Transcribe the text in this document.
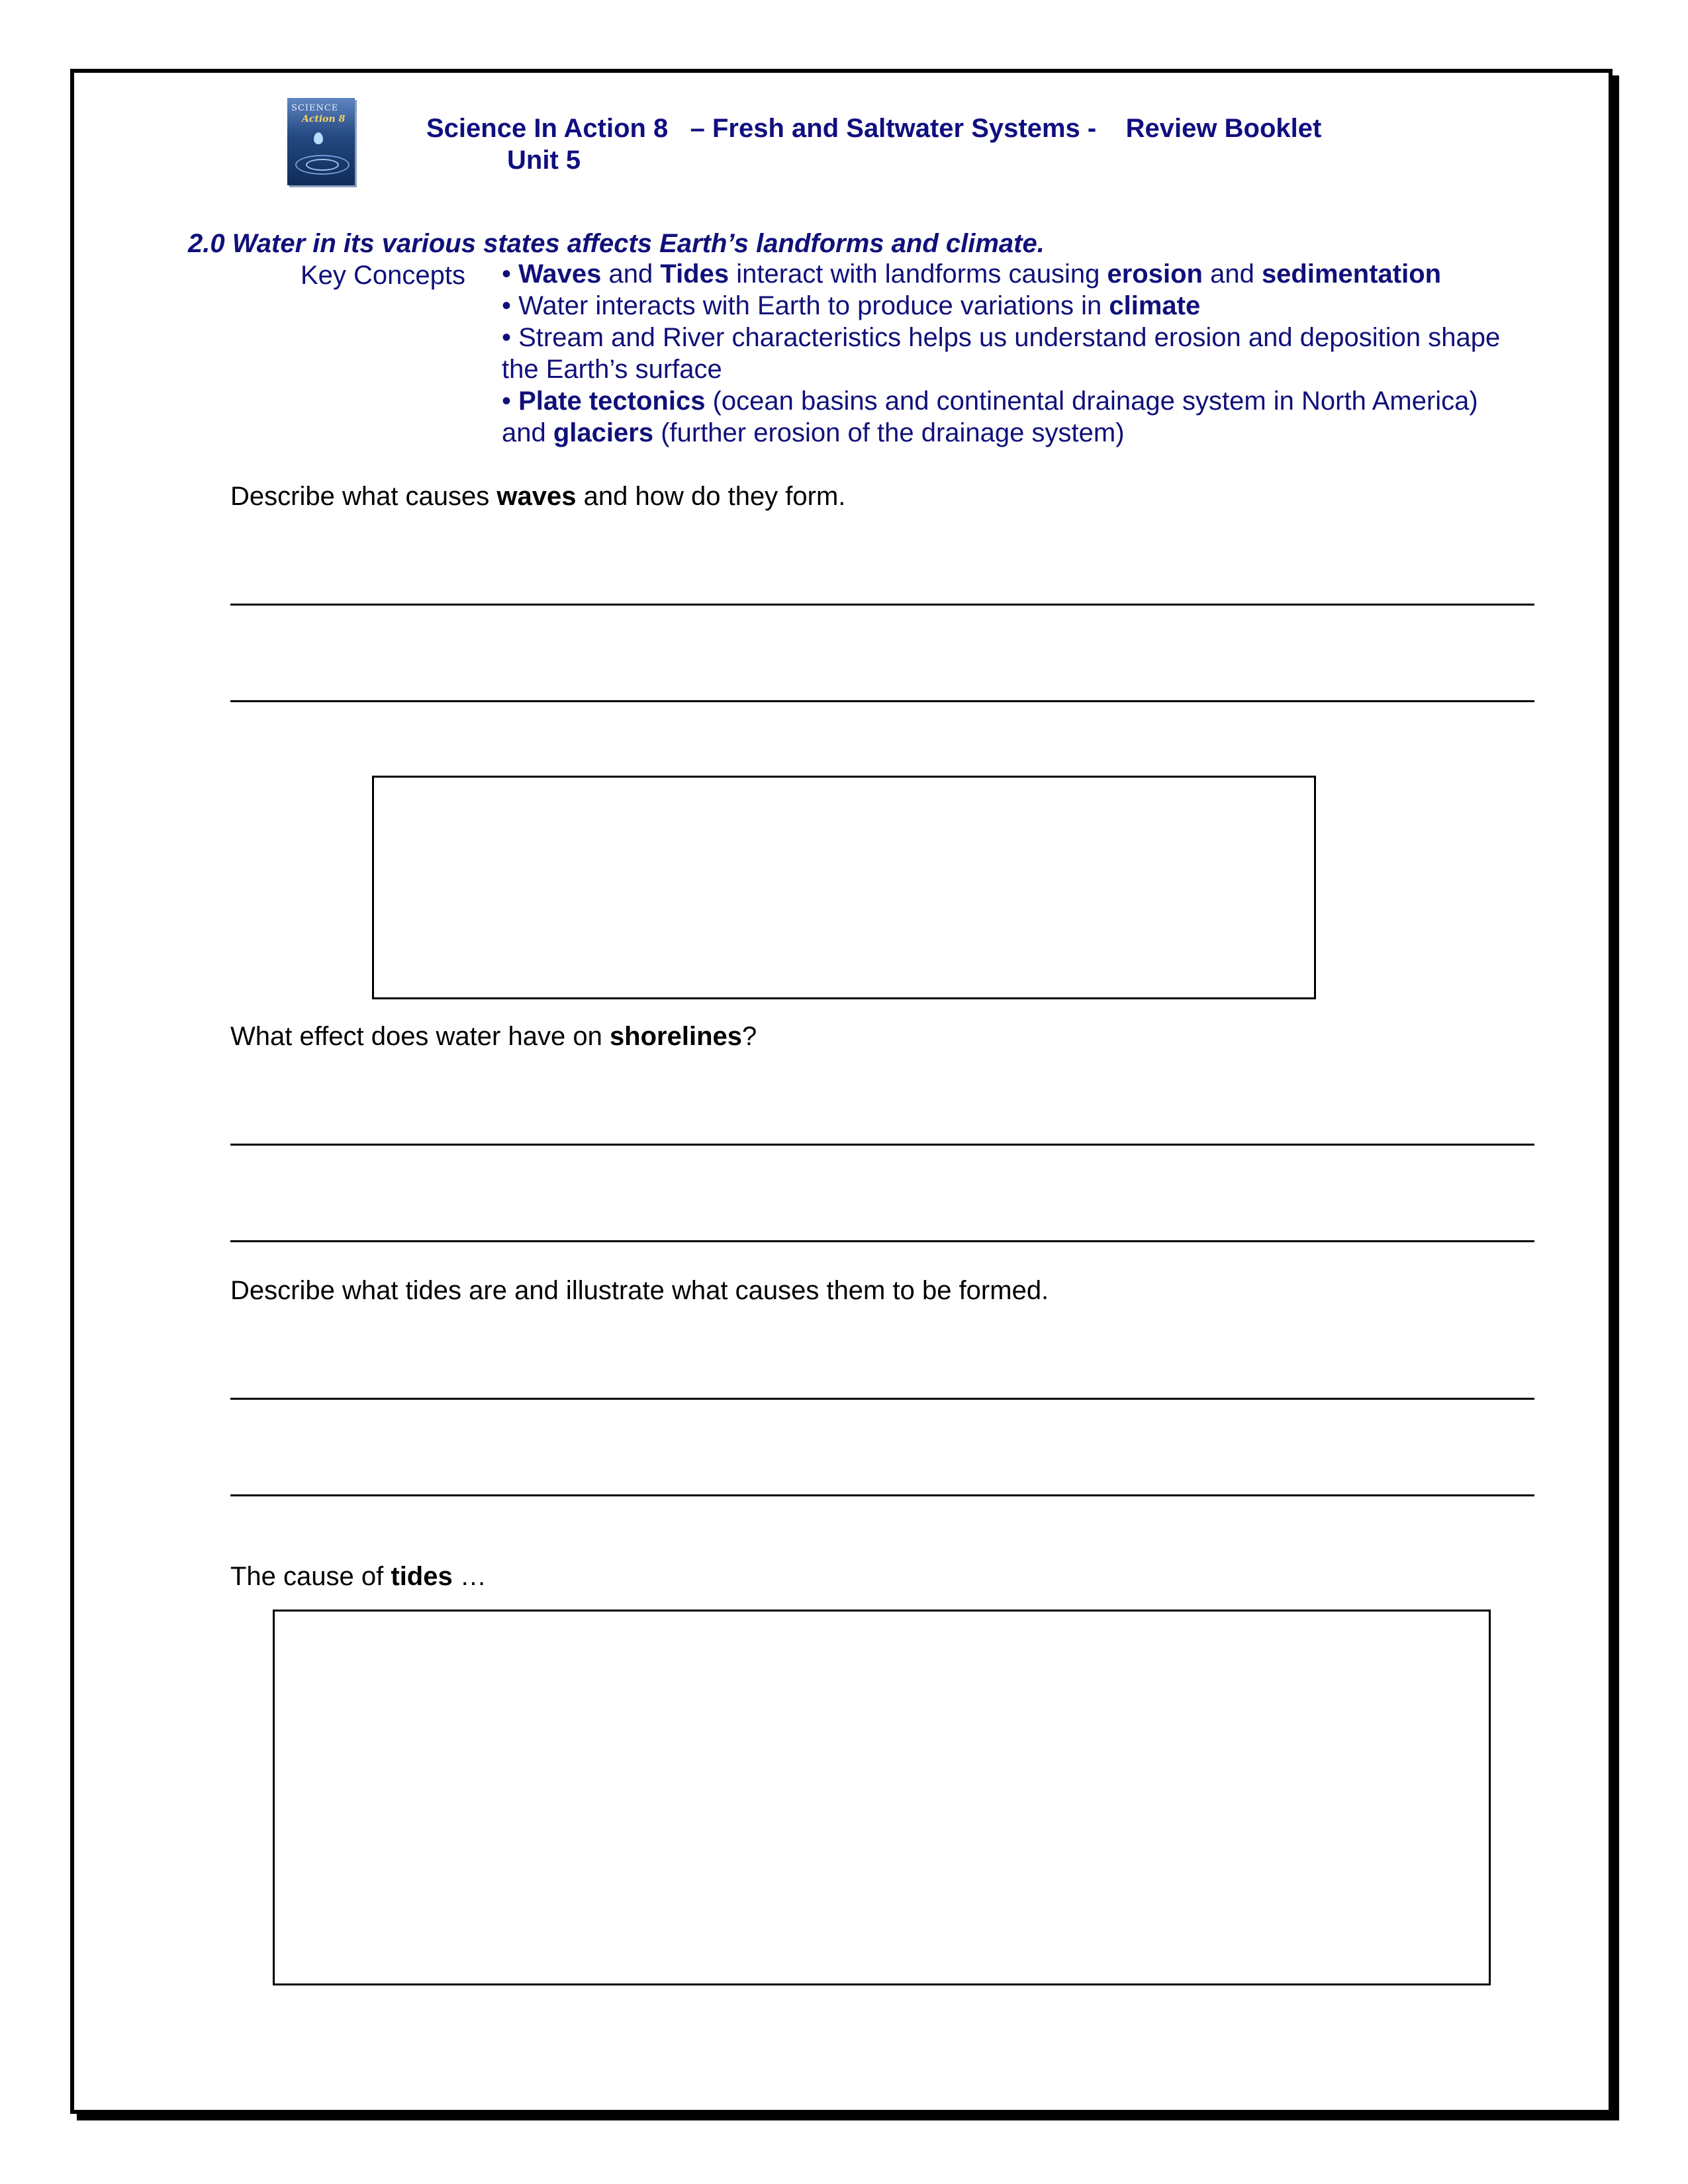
SCIENCE
Action 8	Science In Action 8   – Fresh and Saltwater Systems -    Review Booklet
Unit 5
2.0 Water in its various states affects Earth’s landforms and climate.
Key Concepts • Waves and Tides interact with landforms causing erosion and sedimentation
• Water interacts with Earth to produce variations in climate
• Stream and River characteristics helps us understand erosion and deposition shape
the Earth’s surface
• Plate tectonics (ocean basins and continental drainage system in North America)
and glaciers (further erosion of the drainage system)
Describe what causes waves and how do they form.
What effect does water have on shorelines?
Describe what tides are and illustrate what causes them to be formed.
The cause of tides …
